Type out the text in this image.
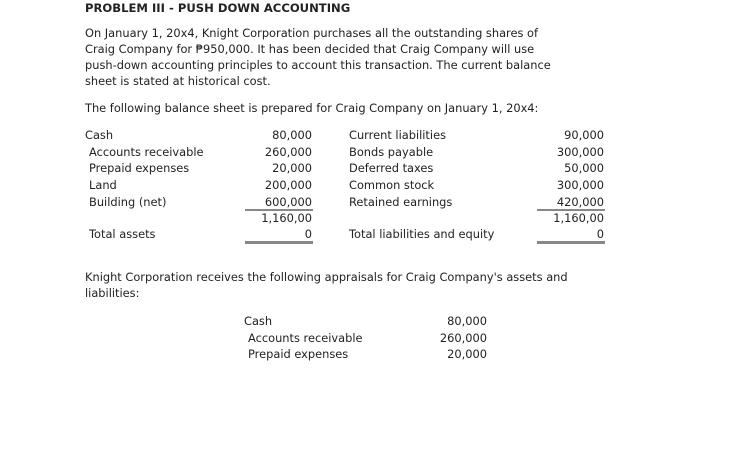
PROBLEM III - PUSH DOWN ACCOUNTING
On January 1, 20x4, Knight Corporation purchases all the outstanding shares of
Craig Company for ₱950,000. It has been decided that Craig Company will use
push-down accounting principles to account this transaction. The current balance
sheet is stated at historical cost.
The following balance sheet is prepared for Craig Company on January 1, 20x4:
Cash
Accounts receivable
Prepaid expenses
Land
Building (net)
Total assets
80,000
260,000
20,000
200,000
600,000
1,160,00
0
Current liabilities
Bonds payable
Deferred taxes
Common stock
Retained earnings
Total liabilities and equity
90,000
300,000
50,000
300,000
420,000
1,160,00
0
Knight Corporation receives the following appraisals for Craig Company's assets and
liabilities:
Cash
Accounts receivable
Prepaid expenses
80,000
260,000
20,000
